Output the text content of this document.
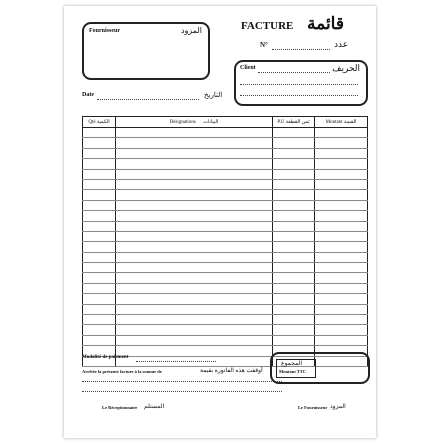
Fournisseur	المزود	FACTURE قائمة
N°	عدد
Client	الحريف
Date	التاريخ
Qté الكمية	Désignations البيانات	P.U ثمن القطعة	Montant القيمة

Modalité de paiement
Arrêtée la présente facture à la somme de	أوقفت هذه الفاتورة بقيمة
المجموع
Montant TTC
Le Réceptionnaire المستلم	Le Fournisseur المزود
